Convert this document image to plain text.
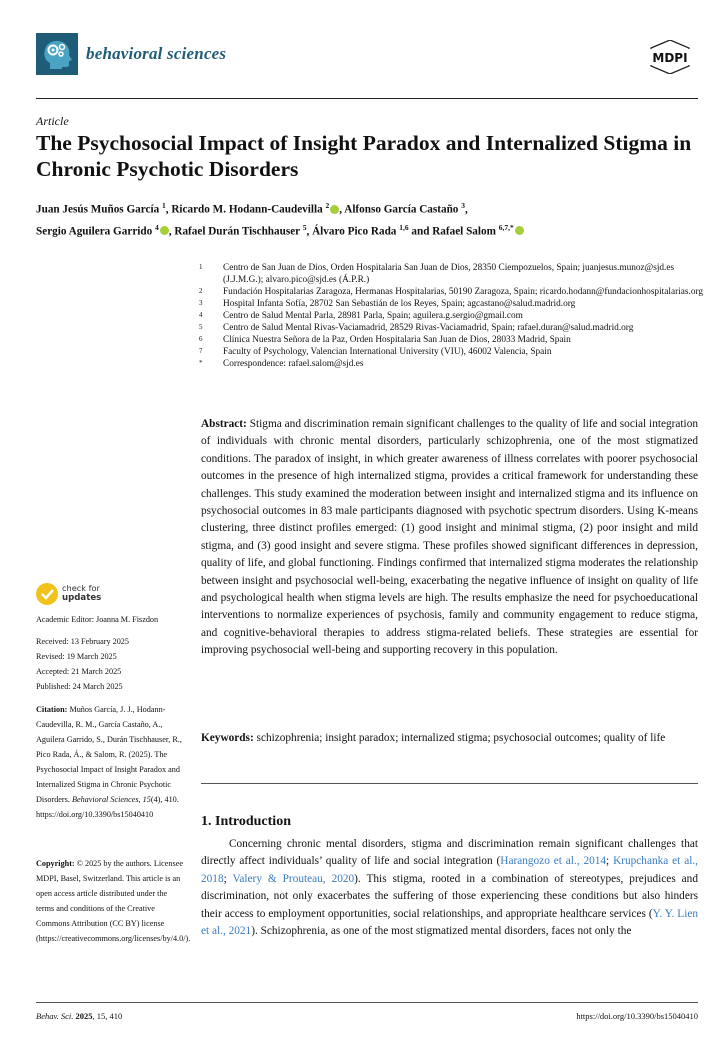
behavioral sciences	MDPI
Article
The Psychosocial Impact of Insight Paradox and Internalized Stigma in Chronic Psychotic Disorders
Juan Jesús Muños García $^1$, Ricardo M. Hodann-Caudevilla $^2$ , Alfonso García Castaño $^3$,
Sergio Aguilera Garrido $^4$ , Rafael Durán Tischhauser $^5$, Álvaro Pico Rada $^{1,6}$ and Rafael Salom $^{6,7,*}$
1	Centro de San Juan de Dios, Orden Hospitalaria San Juan de Dios, 28350 Ciempozuelos, Spain; juanjesus.munoz@sjd.es (J.J.M.G.); alvaro.pico@sjd.es (Á.P.R.)
2	Fundación Hospitalarias Zaragoza, Hermanas Hospitalarias, 50190 Zaragoza, Spain; ricardo.hodann@fundacionhospitalarias.org
3	Hospital Infanta Sofía, 28702 San Sebastián de los Reyes, Spain; agcastano@salud.madrid.org
4	Centro de Salud Mental Parla, 28981 Parla, Spain; aguilera.g.sergio@gmail.com
5	Centro de Salud Mental Rivas-Vaciamadrid, 28529 Rivas-Vaciamadrid, Spain; rafael.duran@salud.madrid.org
6	Clínica Nuestra Señora de la Paz, Orden Hospitalaria San Juan de Dios, 28033 Madrid, Spain
7	Faculty of Psychology, Valencian International University (VIU), 46002 Valencia, Spain
*	Correspondence: rafael.salom@sjd.es
check for
updates
Academic Editor: Joanna M. Fiszdon
Received: 13 February 2025
Revised: 19 March 2025
Accepted: 21 March 2025
Published: 24 March 2025
Citation: Muños García, J. J., Hodann-Caudevilla, R. M., García Castaño, A., Aguilera Garrido, S., Durán Tischhauser, R., Pico Rada, Á., & Salom, R. (2025). The Psychosocial Impact of Insight Paradox and Internalized Stigma in Chronic Psychotic Disorders. Behavioral Sciences, 15(4), 410. https://doi.org/10.3390/bs15040410
Copyright: © 2025 by the authors. Licensee MDPI, Basel, Switzerland. This article is an open access article distributed under the terms and conditions of the Creative Commons Attribution (CC BY) license (https://creativecommons.org/licenses/by/4.0/).
Abstract: Stigma and discrimination remain significant challenges to the quality of life and social integration of individuals with chronic mental disorders, particularly schizophrenia, one of the most stigmatized conditions. The paradox of insight, in which greater awareness of illness correlates with poorer psychosocial outcomes in the presence of high internalized stigma, provides a critical framework for understanding these challenges. This study examined the moderation between insight and internalized stigma and its influence on psychosocial outcomes in 83 male participants diagnosed with psychotic spectrum disorders. Using K-means clustering, three distinct profiles emerged: (1) good insight and minimal stigma, (2) poor insight and mild stigma, and (3) good insight and severe stigma. These profiles showed significant differences in depression, quality of life, and global functioning. Findings confirmed that internalized stigma moderates the relationship between insight and psychosocial well-being, exacerbating the negative influence of insight on quality of life and psychological health when stigma levels are high. The results emphasize the need for psychoeducational interventions to normalize experiences of psychosis, family and community engagement to reduce stigma, and cognitive-behavioral therapies to address stigma-related beliefs. These strategies are essential for improving psychosocial well-being and supporting recovery in this population.
Keywords: schizophrenia; insight paradox; internalized stigma; psychosocial outcomes; quality of life
1. Introduction
Concerning chronic mental disorders, stigma and discrimination remain significant challenges that directly affect individuals’ quality of life and social integration (Harangozo et al., 2014; Krupchanka et al., 2018; Valery & Prouteau, 2020). This stigma, rooted in a combination of stereotypes, prejudices and discrimination, not only exacerbates the suffering of those experiencing these conditions but also hinders their access to employment opportunities, social relationships, and appropriate healthcare services (Y. Y. Lien et al., 2021). Schizophrenia, as one of the most stigmatized mental disorders, faces not only the
Behav. Sci. 2025, 15, 410	https://doi.org/10.3390/bs15040410
